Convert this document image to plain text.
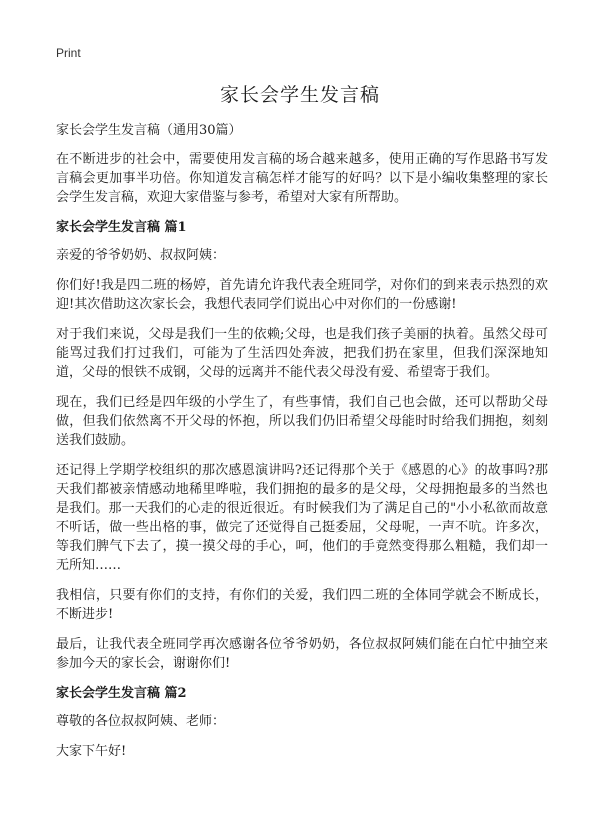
Print
家长会学生发言稿

家长会学生发言稿（通用30篇）

在不断进步的社会中，需要使用发言稿的场合越来越多，使用正确的写作思路书写发言稿会更加事半功倍。你知道发言稿怎样才能写的好吗？以下是小编收集整理的家长会学生发言稿，欢迎大家借鉴与参考，希望对大家有所帮助。

家长会学生发言稿 篇1

亲爱的爷爷奶奶、叔叔阿姨：

你们好!我是四二班的杨婷，首先请允许我代表全班同学，对你们的到来表示热烈的欢迎!其次借助这次家长会，我想代表同学们说出心中对你们的一份感谢!

对于我们来说，父母是我们一生的依赖;父母，也是我们孩子美丽的执着。虽然父母可能骂过我们打过我们，可能为了生活四处奔波，把我们扔在家里，但我们深深地知道，父母的恨铁不成钢，父母的远离并不能代表父母没有爱、希望寄于我们。

现在，我们已经是四年级的小学生了，有些事情，我们自己也会做，还可以帮助父母做，但我们依然离不开父母的怀抱，所以我们仍旧希望父母能时时给我们拥抱，刻刻送我们鼓励。

还记得上学期学校组织的那次感恩演讲吗?还记得那个关于《感恩的心》的故事吗?那天我们都被亲情感动地稀里哗啦，我们拥抱的最多的是父母，父母拥抱最多的当然也是我们。那一天我们的心走的很近很近。有时候我们为了满足自己的"小小私欲而故意不听话，做一些出格的事，做完了还觉得自己挺委屈，父母呢，一声不吭。许多次，等我们脾气下去了，摸一摸父母的手心，呵，他们的手竟然变得那么粗糙，我们却一无所知……

我相信，只要有你们的支持，有你们的关爱，我们四二班的全体同学就会不断成长，不断进步!

最后，让我代表全班同学再次感谢各位爷爷奶奶，各位叔叔阿姨们能在白忙中抽空来参加今天的家长会，谢谢你们!

家长会学生发言稿 篇2

尊敬的各位叔叔阿姨、老师：

大家下午好!
